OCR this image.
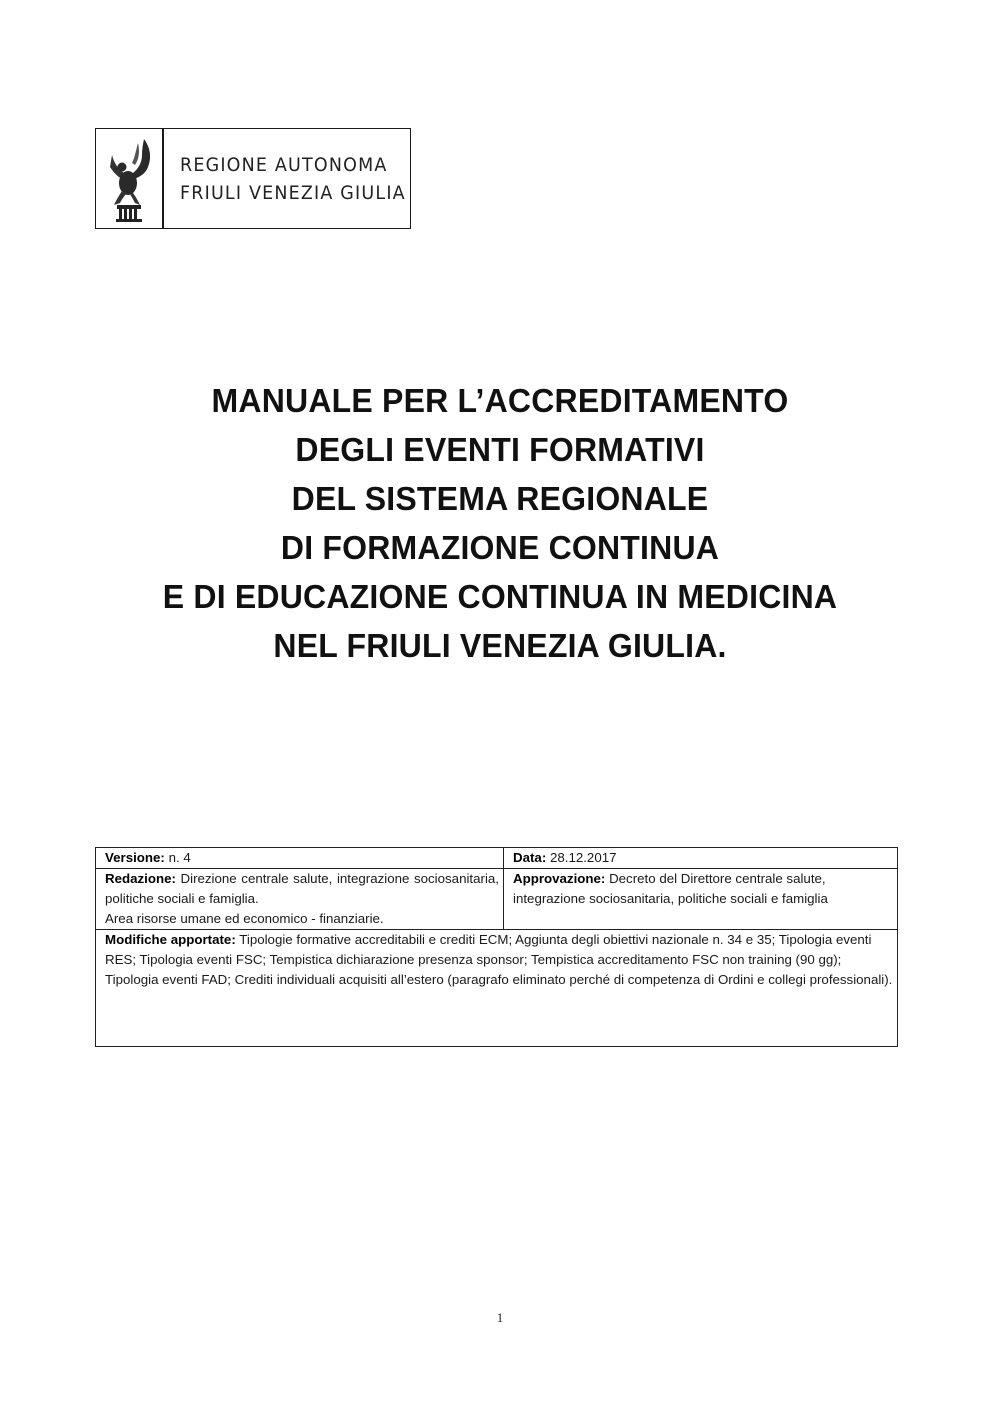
REGIONE AUTONOMA
FRIULI VENEZIA GIULIA
MANUALE PER L’ACCREDITAMENTO
DEGLI EVENTI FORMATIVI
DEL SISTEMA REGIONALE
DI FORMAZIONE CONTINUA
E DI EDUCAZIONE CONTINUA IN MEDICINA
NEL FRIULI VENEZIA GIULIA.
Versione: n. 4	Data: 28.12.2017

Redazione: Direzione centrale salute, integrazione sociosanitaria, politiche sociali e famiglia.
Area risorse umane ed economico - finanziarie.	Approvazione: Decreto del Direttore centrale salute, integrazione sociosanitaria, politiche sociali e famiglia
Modifiche apportate: Tipologie formative accreditabili e crediti ECM; Aggiunta degli obiettivi nazionale n. 34 e 35; Tipologia eventi RES; Tipologia eventi FSC; Tempistica dichiarazione presenza sponsor; Tempistica accreditamento FSC non training (90 gg); Tipologia eventi FAD; Crediti individuali acquisiti all’estero (paragrafo eliminato perché di competenza di Ordini e collegi professionali).	
1
